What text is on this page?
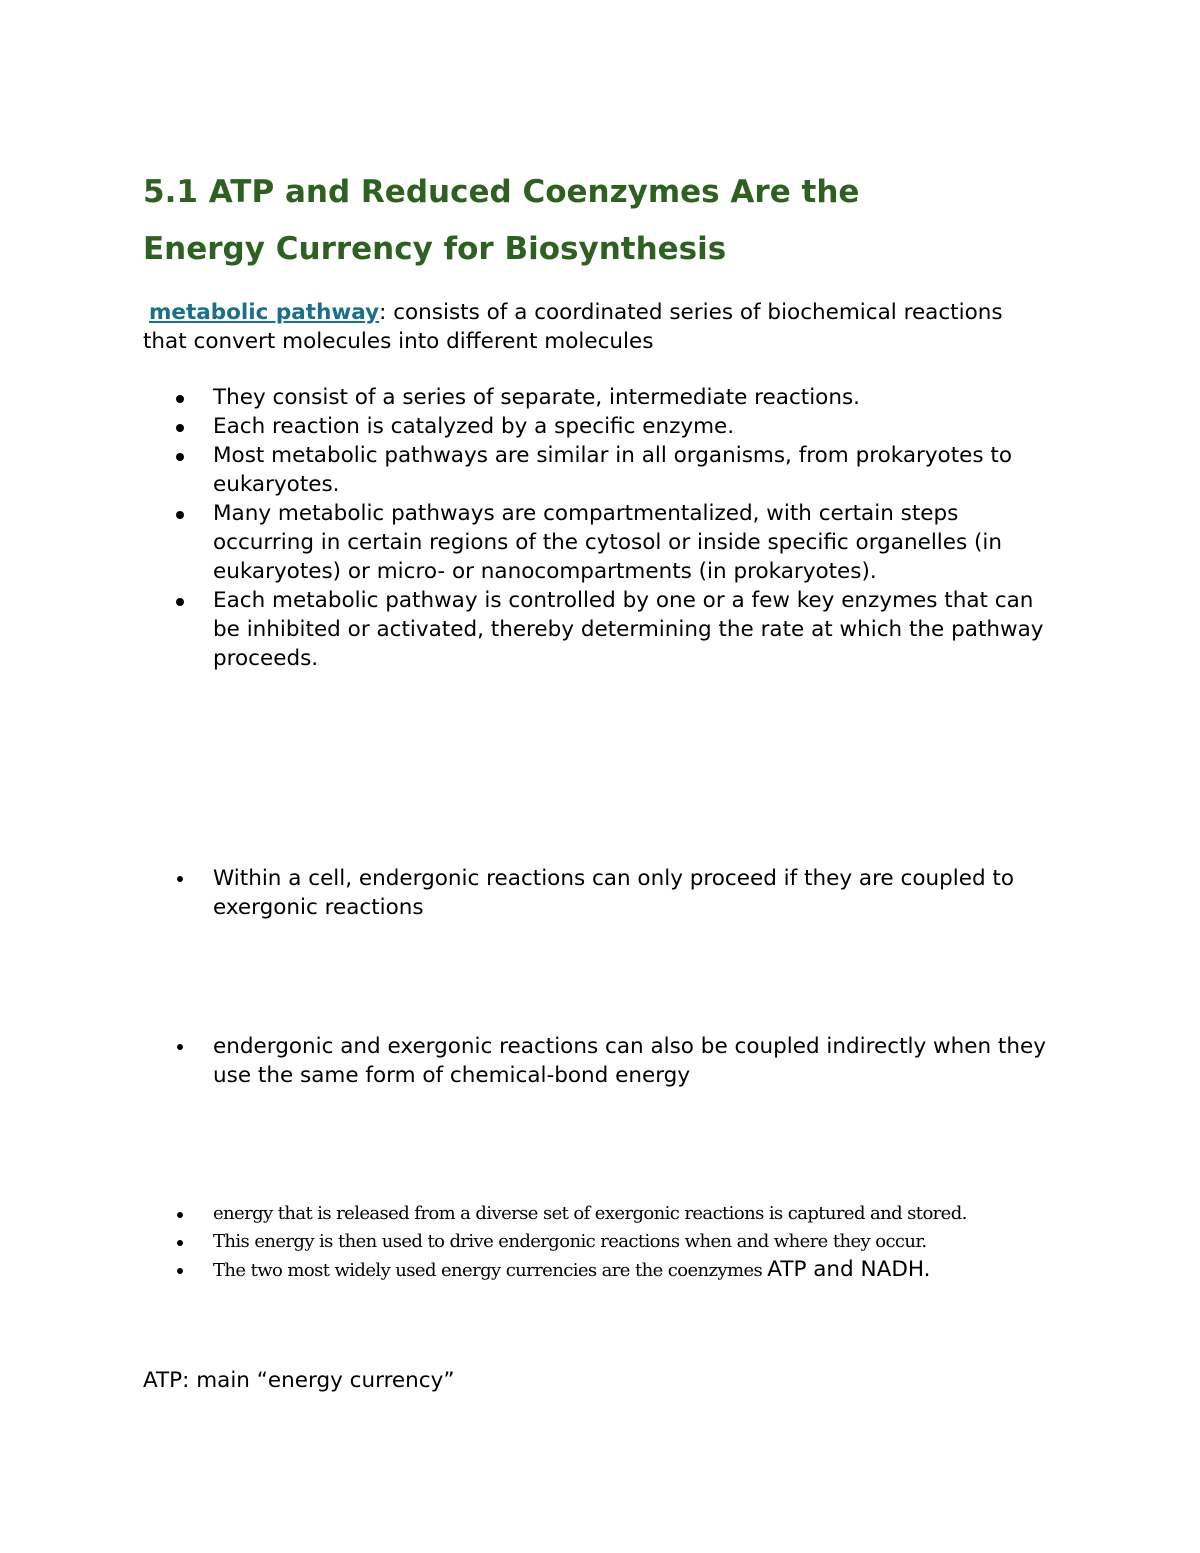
5.1 ATP and Reduced Coenzymes Are the
Energy Currency for Biosynthesis

metabolic pathway: consists of a coordinated series of biochemical reactions that convert molecules into different molecules

They consist of a series of separate, intermediate reactions.
Each reaction is catalyzed by a specific enzyme.
Most metabolic pathways are similar in all organisms, from prokaryotes to eukaryotes.
Many metabolic pathways are compartmentalized, with certain steps occurring in certain regions of the cytosol or inside specific organelles (in eukaryotes) or micro- or nanocompartments (in prokaryotes).
Each metabolic pathway is controlled by one or a few key enzymes that can be inhibited or activated, thereby determining the rate at which the pathway proceeds.
Within a cell, endergonic reactions can only proceed if they are coupled to exergonic reactions
endergonic and exergonic reactions can also be coupled indirectly when they use the same form of chemical-bond energy
energy that is released from a diverse set of exergonic reactions is captured and stored.
This energy is then used to drive endergonic reactions when and where they occur.
The two most widely used energy currencies are the coenzymes ATP and NADH.

ATP: main “energy currency”
